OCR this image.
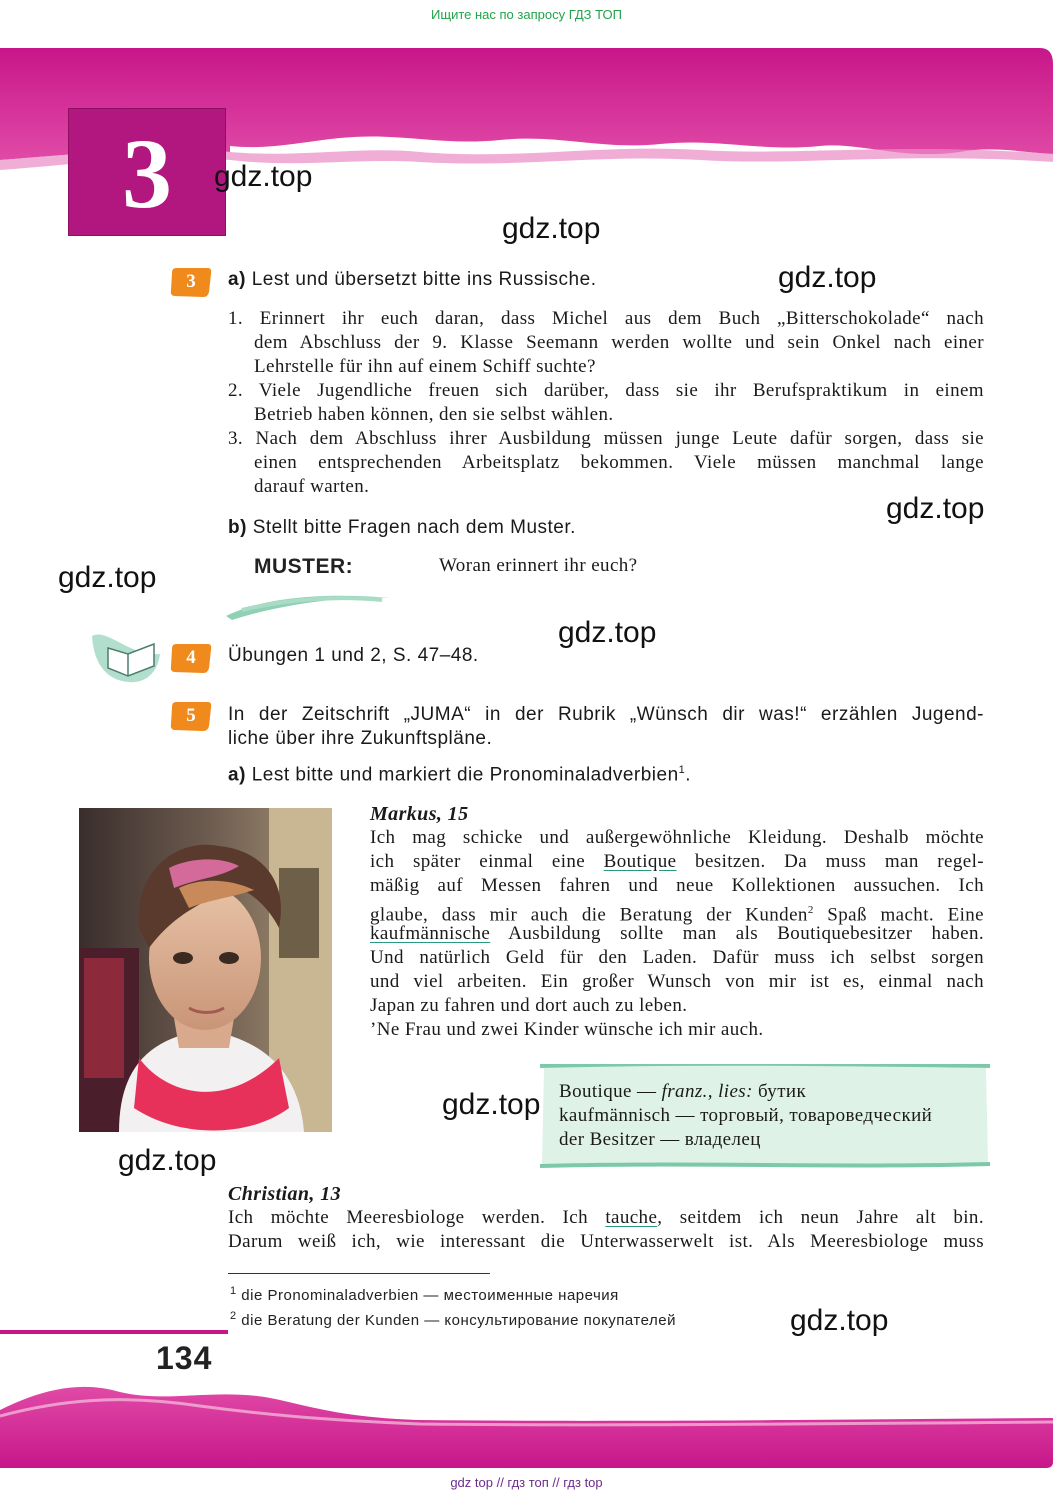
Ищите нас по запросу ГДЗ ТОП
3	gdz.top
gdz.top
gdz.top
gdz.top
gdz.top
gdz.top
gdz.top
gdz.top
gdz.top
3	a) Lest und übersetzt bitte ins Russische.
1. Erinnert ihr euch daran, dass Michel aus dem Buch „Bitterschokolade“ nach
dem Abschluss der 9. Klasse Seemann werden wollte und sein Onkel nach einer
Lehrstelle für ihn auf einem Schiff suchte?
2. Viele Jugendliche freuen sich darüber, dass sie ihr Berufspraktikum in einem
Betrieb haben können, den sie selbst wählen.
3. Nach dem Abschluss ihrer Ausbildung müssen junge Leute dafür sorgen, dass sie
einen entsprechenden Arbeitsplatz bekommen. Viele müssen manchmal lange
darauf warten.
b) Stellt bitte Fragen nach dem Muster.
MUSTER:	Woran erinnert ihr euch?
4	Übungen 1 und 2, S. 47–48.
5	In der Zeitschrift „JUMA“ in der Rubrik „Wünsch dir was!“ erzählen Jugend-
liche über ihre Zukunftspläne.
a) Lest bitte und markiert die Pronominaladverbien$^1$.
Markus, 15
Ich mag schicke und außergewöhnliche Kleidung. Deshalb möchte
ich später einmal eine Boutique besitzen. Da muss man regel-
mäßig auf Messen fahren und neue Kollektionen aussuchen. Ich
glaube, dass mir auch die Beratung der Kunden$^2$ Spaß macht. Eine
kaufmännische Ausbildung sollte man als Boutiquebesitzer haben.
Und natürlich Geld für den Laden. Dafür muss ich selbst sorgen
und viel arbeiten. Ein großer Wunsch von mir ist es, einmal nach
Japan zu fahren und dort auch zu leben.
’Ne Frau und zwei Kinder wünsche ich mir auch.
Boutique — franz., lies: бутик
kaufmännisch — торговый, товароведческий
der Besitzer — владелец
Christian, 13
Ich möchte Meeresbiologe werden. Ich tauche, seitdem ich neun Jahre alt bin.
Darum weiß ich, wie interessant die Unterwasserwelt ist. Als Meeresbiologe muss
$^1$ die Pronominaladverbien — местоименные наречия
$^2$ die Beratung der Kunden — консультирование покупателей
134
gdz top // гдз топ // гдз top
